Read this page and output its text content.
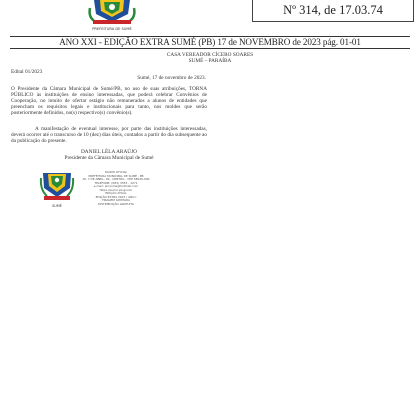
PREFEITURA DE SUMÉ
Nº 314, de 17.03.74
ANO XXI - EDIÇÃO EXTRA SUMÉ (PB) 17 de NOVEMBRO de 2023 pág. 01-01
CASA VEREADOR CÍCERO SOARES
SUMÉ – PARAÍBA
Edital 01/2023
Sumé, 17 de novembro de 2023.
O Presidente da Câmara Municipal de Sumé/PB, no uso de suas atribuições, TORNA PÚBLICO às instituições de ensino interessadas, que poderá celebrar Convênios de Cooperação, no intuito de ofertar estágio não remunerados a alunos de entidades que preencham os requisitos legais e institucionais para tanto, nos moldes que serão posteriormente definidos, no(s) respectivo(s) convênio(s).
A manifestação de eventual interesse, por parte das instituições interessadas, deverá ocorrer até o transcurso de 10 (dez) dias úteis, contados a partir do dia subsequente ao da publicação do presente.
DANIEL LÉLA ARAÚJO
Presidente da Câmara Municipal de Sumé
SUMÉ
DIÁRIO OFICIAL
PREFEITURA MUNICIPAL DE SUMÉ - PB
AV. 7 DE ABRIL, 09 - CENTRO - CEP 58540-000
TELEFONE: (083) 3353 - 1271
e-mail: pmsume@hotmail.com
https://sume.pb.gov.br
EDIÇÃO ATUAL
EDIÇÃO EXTRA 2023 / ANO I
TIRAGEM ILIMITADA
DISTRIBUIÇÃO GRATUITA
